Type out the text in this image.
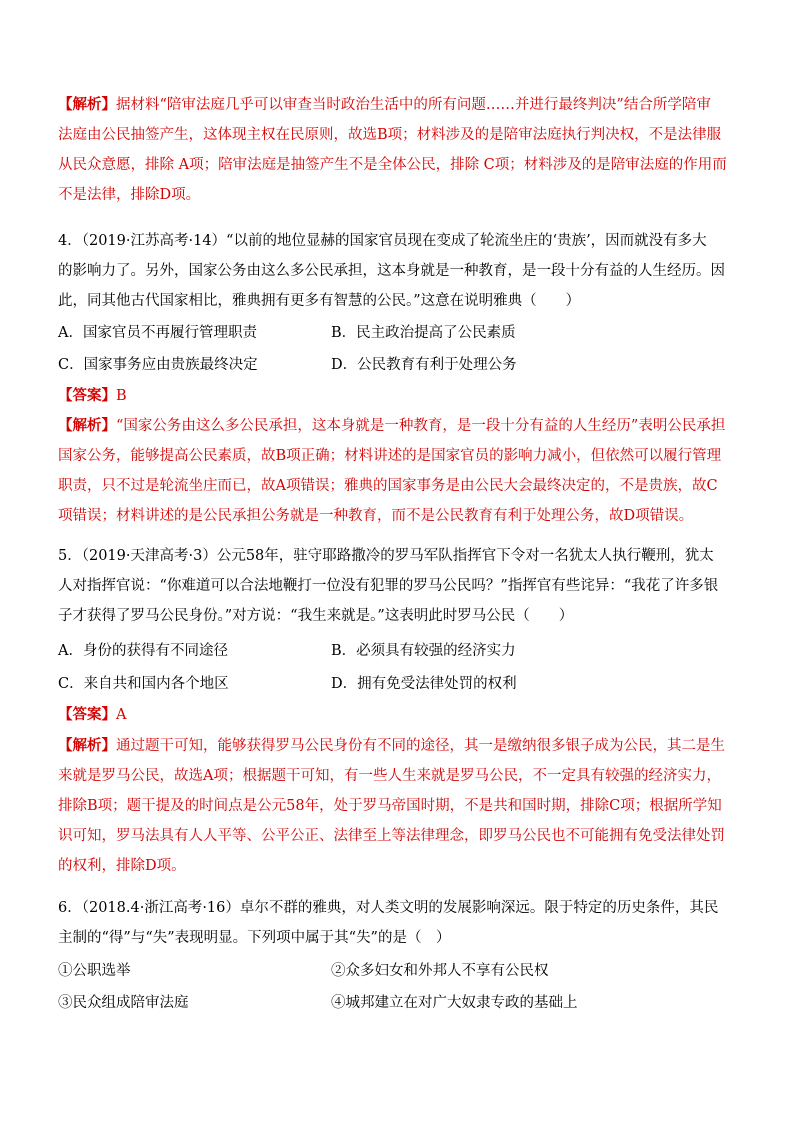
【解析】据材料“陪审法庭几乎可以审查当时政治生活中的所有问题……并进行最终判决”结合所学陪审
法庭由公民抽签产生，这体现主权在民原则，故选B项；材料涉及的是陪审法庭执行判决权，不是法律服
从民众意愿，排除 A项；陪审法庭是抽签产生不是全体公民，排除 C项；材料涉及的是陪审法庭的作用而
不是法律，排除D项。
4．（2019·江苏高考·14）“以前的地位显赫的国家官员现在变成了轮流坐庄的‘贵族’，因而就没有多大
的影响力了。另外，国家公务由这么多公民承担，这本身就是一种教育，是一段十分有益的人生经历。因
此，同其他古代国家相比，雅典拥有更多有智慧的公民。”这意在说明雅典（　　）
A．国家官员不再履行管理职责	B．民主政治提高了公民素质
C．国家事务应由贵族最终决定	D．公民教育有利于处理公务
【答案】B
【解析】“国家公务由这么多公民承担，这本身就是一种教育，是一段十分有益的人生经历”表明公民承担
国家公务，能够提高公民素质，故B项正确；材料讲述的是国家官员的影响力减小，但依然可以履行管理
职责，只不过是轮流坐庄而已，故A项错误；雅典的国家事务是由公民大会最终决定的，不是贵族，故C
项错误；材料讲述的是公民承担公务就是一种教育，而不是公民教育有利于处理公务，故D项错误。
5．（2019·天津高考·3）公元58年，驻守耶路撒冷的罗马军队指挥官下令对一名犹太人执行鞭刑，犹太
人对指挥官说：“你难道可以合法地鞭打一位没有犯罪的罗马公民吗？”指挥官有些诧异：“我花了许多银
子才获得了罗马公民身份。”对方说：“我生来就是。”这表明此时罗马公民（　　）
A．身份的获得有不同途径	B．必须具有较强的经济实力
C．来自共和国内各个地区	D．拥有免受法律处罚的权利
【答案】A
【解析】通过题干可知，能够获得罗马公民身份有不同的途径，其一是缴纳很多银子成为公民，其二是生
来就是罗马公民，故选A项；根据题干可知，有一些人生来就是罗马公民，不一定具有较强的经济实力，
排除B项；题干提及的时间点是公元58年，处于罗马帝国时期，不是共和国时期，排除C项；根据所学知
识可知，罗马法具有人人平等、公平公正、法律至上等法律理念，即罗马公民也不可能拥有免受法律处罚
的权利，排除D项。
6．（2018.4·浙江高考·16）卓尔不群的雅典，对人类文明的发展影响深远。限于特定的历史条件，其民
主制的“得”与“失”表现明显。下列项中属于其“失”的是（　）
①公职选举	②众多妇女和外邦人不享有公民权
③民众组成陪审法庭	④城邦建立在对广大奴隶专政的基础上
